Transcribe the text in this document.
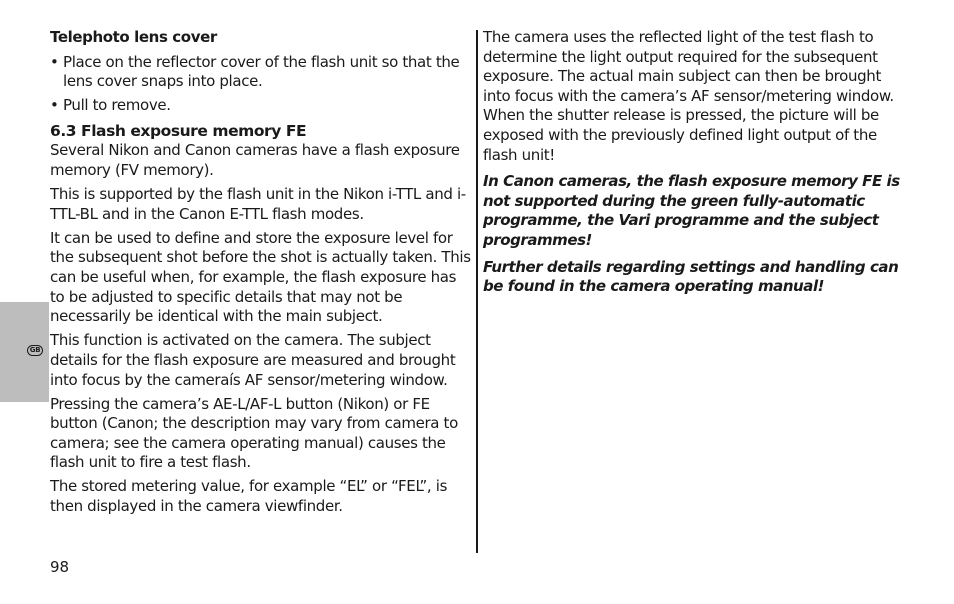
GB
Telephoto lens cover
• Place on the reflector cover of the flash unit so that the lens cover snaps into place.
• Pull to remove.
6.3 Flash exposure memory FE

Several Nikon and Canon cameras have a flash exposure memory (FV memory).

This is supported by the flash unit in the Nikon i-TTL and i-TTL-BL and in the Canon E-TTL flash modes.

It can be used to define and store the exposure level for the subsequent shot before the shot is actually taken. This can be useful when, for example, the flash exposure has to be adjusted to specific details that may not be necessarily be identical with the main subject.

This function is activated on the camera. The subject details for the flash exposure are measured and brought into focus by the cameraís AF sensor/metering window.

Pressing the camera’s AE-L/AF-L button (Nikon) or FE button (Canon; the description may vary from camera to camera; see the camera operating manual) causes the flash unit to fire a test flash.

The stored metering value, for example “EL” or “FEL”, is then displayed in the camera viewfinder.

The camera uses the reflected light of the test flash to determine the light output required for the subsequent exposure. The actual main subject can then be brought into focus with the camera’s AF sensor/metering window. When the shutter release is pressed, the picture will be exposed with the previously defined light output of the flash unit!

In Canon cameras, the flash exposure memory FE is not supported during the green fully-automatic programme, the Vari programme and the subject programmes!

Further details regarding settings and handling can be found in the camera operating manual!

98
